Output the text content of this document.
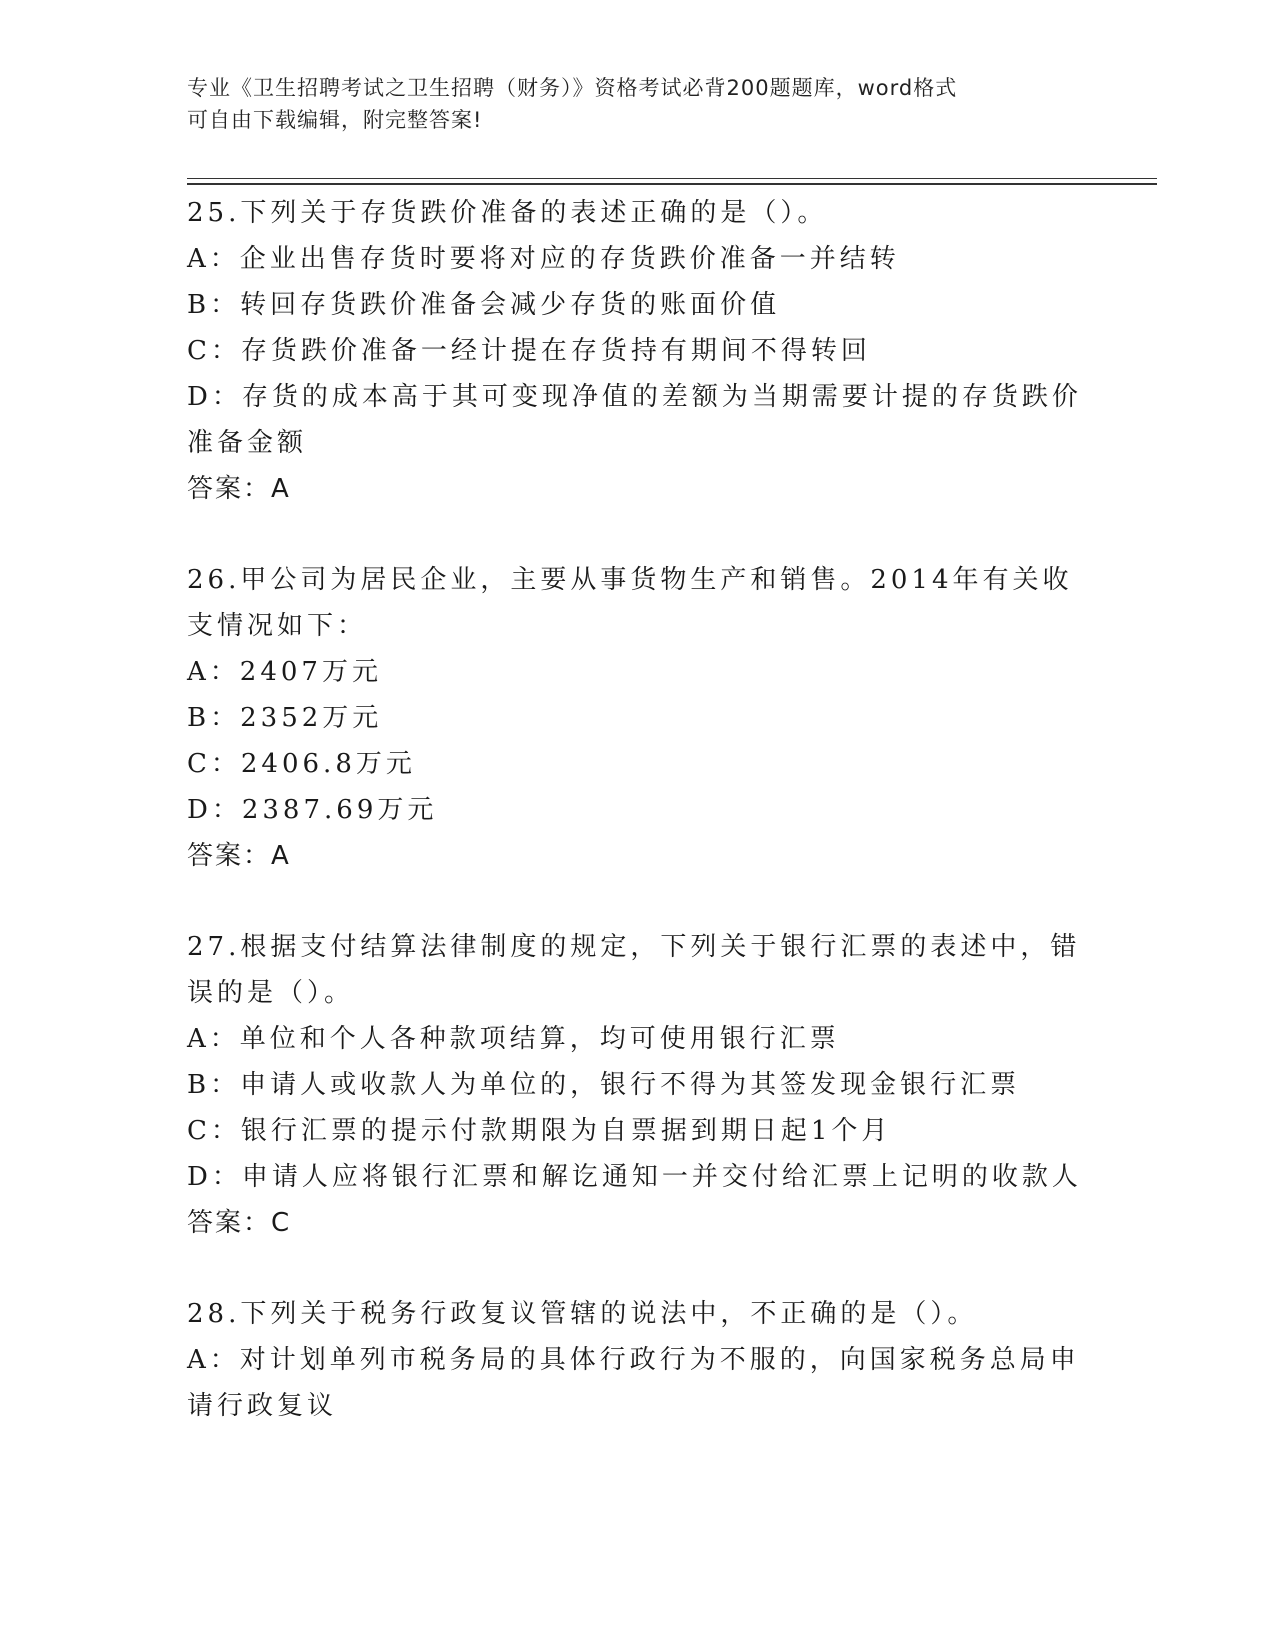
专业《卫生招聘考试之卫生招聘（财务）》资格考试必背200题题库，word格式
可自由下载编辑，附完整答案!
25.下列关于存货跌价准备的表述正确的是（）。
A：企业出售存货时要将对应的存货跌价准备一并结转
B：转回存货跌价准备会减少存货的账面价值
C：存货跌价准备一经计提在存货持有期间不得转回
D：存货的成本高于其可变现净值的差额为当期需要计提的存货跌价准备金额
答案：A
26.甲公司为居民企业，主要从事货物生产和销售。2014年有关收支情况如下：
A：2407万元
B：2352万元
C：2406.8万元
D：2387.69万元
答案：A
27.根据支付结算法律制度的规定，下列关于银行汇票的表述中，错误的是（）。
A：单位和个人各种款项结算，均可使用银行汇票
B：申请人或收款人为单位的，银行不得为其签发现金银行汇票
C：银行汇票的提示付款期限为自票据到期日起1个月
D：申请人应将银行汇票和解讫通知一并交付给汇票上记明的收款人
答案：C
28.下列关于税务行政复议管辖的说法中，不正确的是（）。
A：对计划单列市税务局的具体行政行为不服的，向国家税务总局申请行政复议
